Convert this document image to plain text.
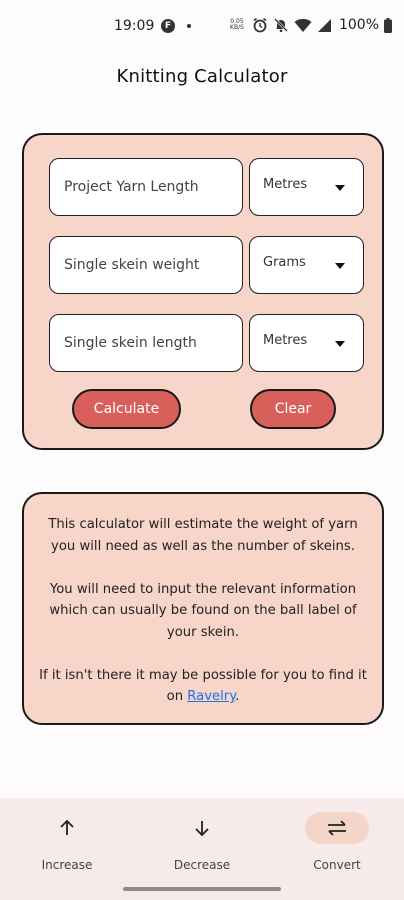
19:09	F	0.05
KB/S	100%
Knitting Calculator
Project Yarn Length	Metres
Single skein weight	Grams
Single skein length	Metres
Calculate	Clear

This calculator will estimate the weight of yarn you will need as well as the number of skeins.

You will need to input the relevant information which can usually be found on the ball label of your skein.

If it isn't there it may be possible for you to find it on Ravelry.

Increase	Decrease	Convert
